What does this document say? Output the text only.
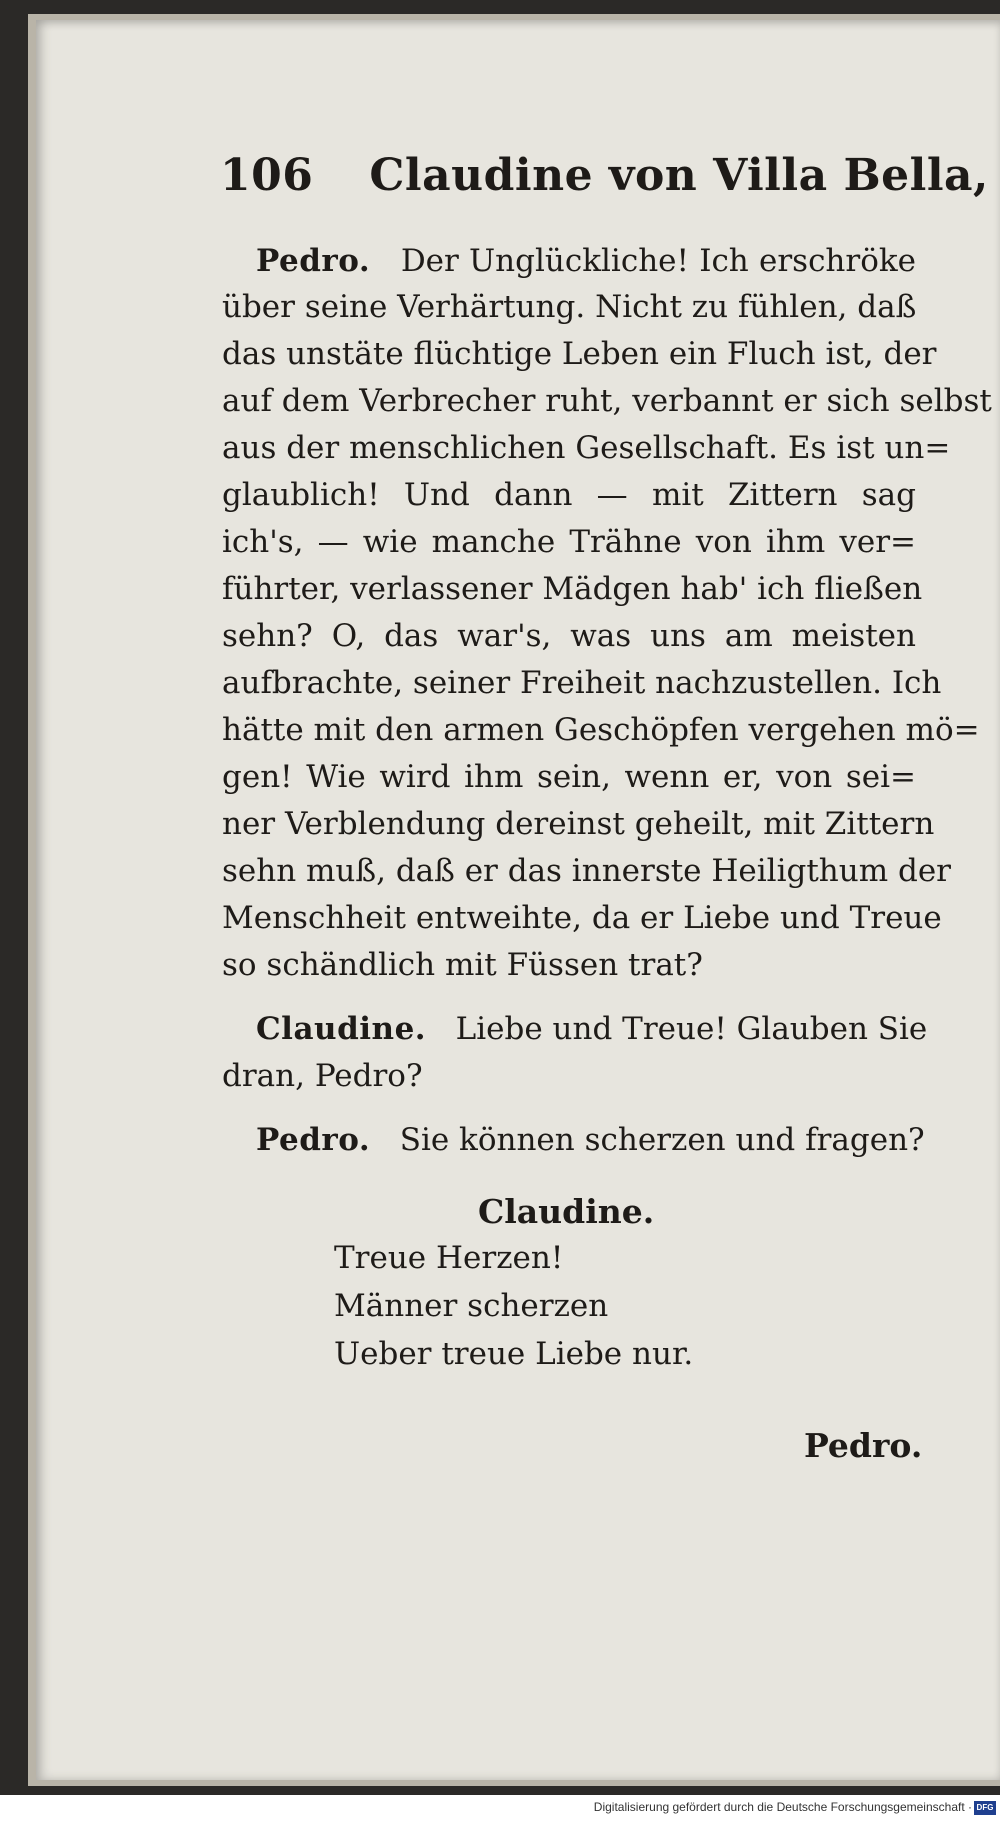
106 Claudine von Villa Bella,
Pedro. Der Unglückliche! Ich erschröke
über seine Verhärtung. Nicht zu fühlen, daß
das unstäte flüchtige Leben ein Fluch ist, der
auf dem Verbrecher ruht, verbannt er sich selbst
aus der menschlichen Gesellschaft. Es ist un=
glaublich! Und dann — mit Zittern sag
ich's, — wie manche Trähne von ihm ver=
führter, verlassener Mädgen hab' ich fließen
sehn? O, das war's, was uns am meisten
aufbrachte, seiner Freiheit nachzustellen. Ich
hätte mit den armen Geschöpfen vergehen mö=
gen! Wie wird ihm sein, wenn er, von sei=
ner Verblendung dereinst geheilt, mit Zittern
sehn muß, daß er das innerste Heiligthum der
Menschheit entweihte, da er Liebe und Treue
so schändlich mit Füssen trat?
Claudine. Liebe und Treue! Glauben Sie
dran, Pedro?
Pedro. Sie können scherzen und fragen?
Claudine.
Treue Herzen!
Männer scherzen
Ueber treue Liebe nur.
Pedro.
Digitalisierung gefördert durch die Deutsche Forschungsgemeinschaft · DFG
